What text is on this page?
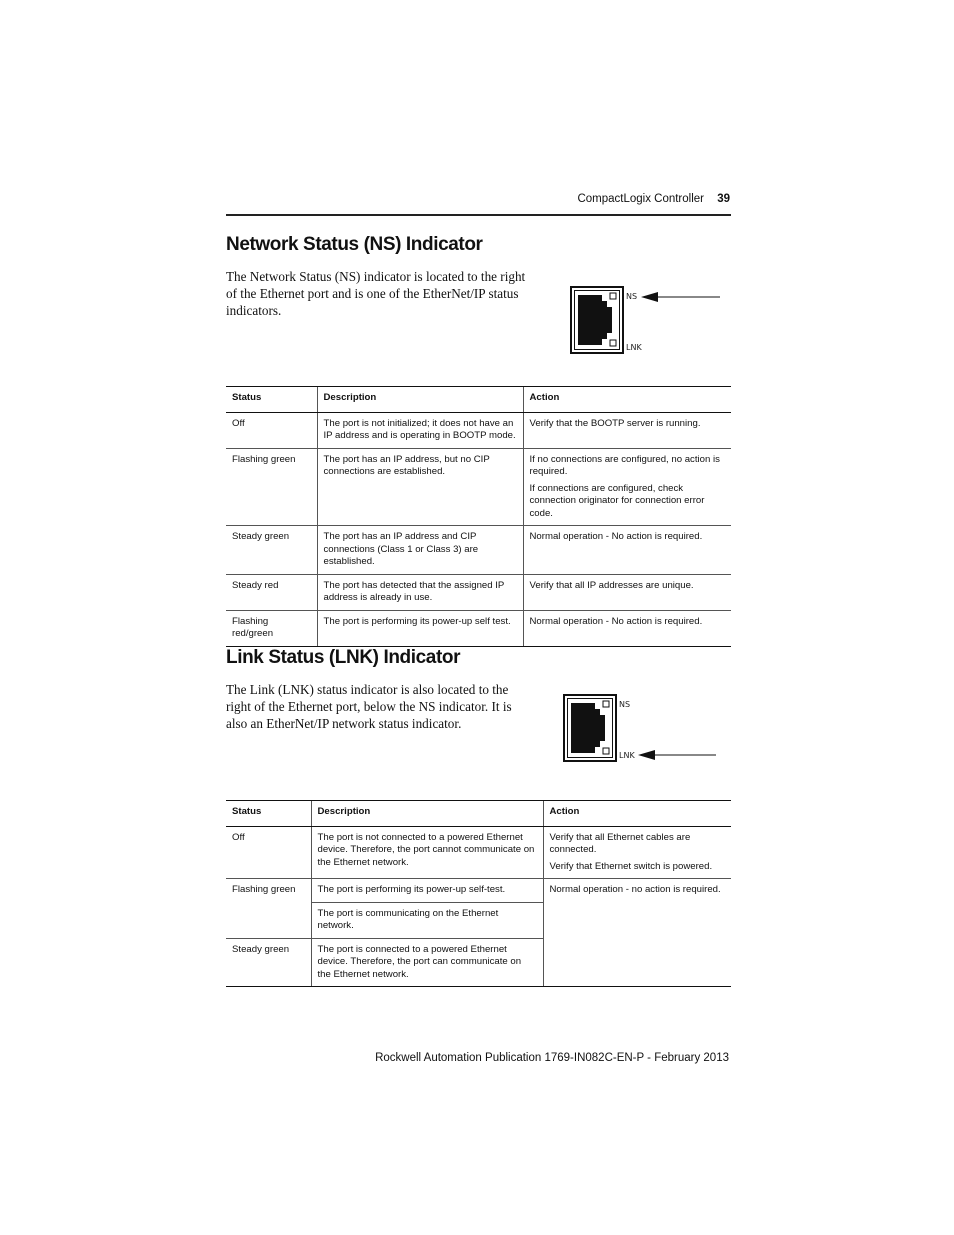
CompactLogix Controller 39
Network Status (NS) Indicator

The Network Status (NS) indicator is located to the right of the Ethernet port and is one of the EtherNet/IP status indicators.

NS
LNK
Status	Description	Action
Off	The port is not initialized; it does not have an IP address and is operating in BOOTP mode.	Verify that the BOOTP server is running.

Flashing green	The port has an IP address, but no CIP connections are established.	If no connections are configured, no action is required.
If connections are configured, check connection originator for connection error code.

Steady green	The port has an IP address and CIP connections (Class 1 or Class 3) are established.	Normal operation - No action is required.

Steady red	The port has detected that the assigned IP address is already in use.	Verify that all IP addresses are unique.

Flashing red/green	The port is performing its power-up self test.	Normal operation - No action is required.
Link Status (LNK) Indicator

The Link (LNK) status indicator is also located to the right of the Ethernet port, below the NS indicator. It is also an EtherNet/IP network status indicator.

NS
LNK
Status	Description	Action
Off	The port is not connected to a powered Ethernet device. Therefore, the port cannot communicate on the Ethernet network.	Verify that all Ethernet cables are connected.
Verify that Ethernet switch is powered.

Flashing green	The port is performing its power-up self-test.	Normal operation - no action is required.

	The port is communicating on the Ethernet network.	
Steady green	The port is connected to a powered Ethernet device. Therefore, the port can communicate on the Ethernet network.	
Rockwell Automation Publication 1769-IN082C-EN-P - February 2013
